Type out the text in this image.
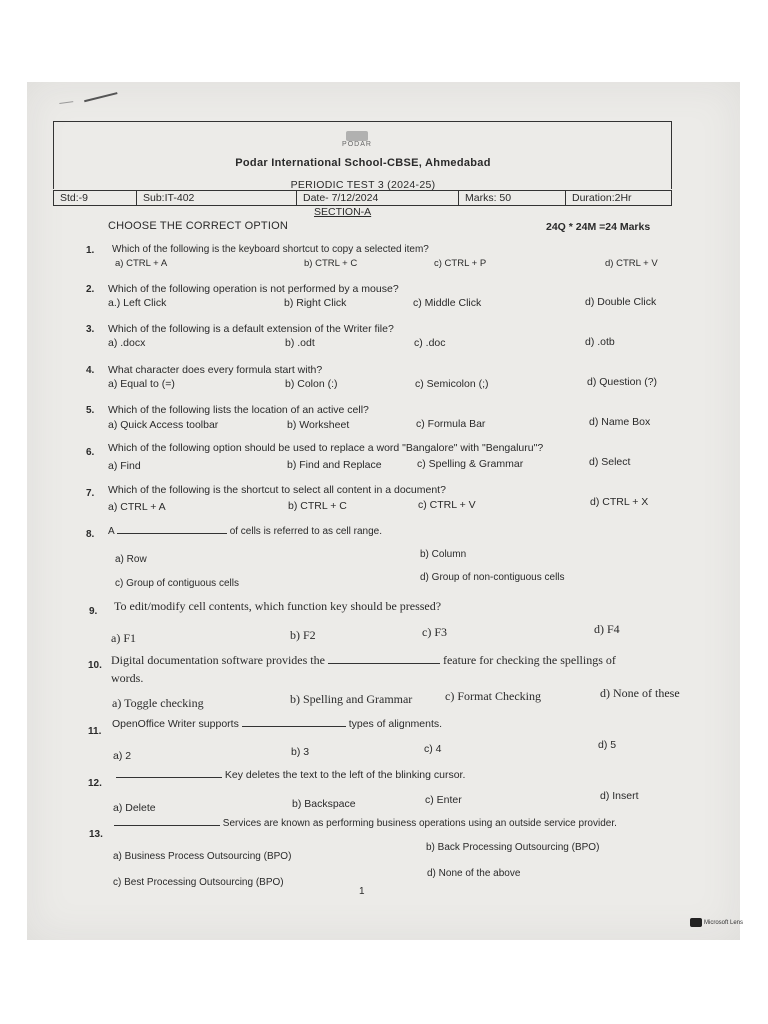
PODAR
Podar International School-CBSE, Ahmedabad
PERIODIC TEST 3 (2024-25)
Std:-9	Sub:IT-402	Date- 7/12/2024	Marks: 50	Duration:2Hr
SECTION-A
CHOOSE THE CORRECT OPTION	24Q * 24M =24 Marks
1. Which of the following is the keyboard shortcut to copy a selected item?
a) CTRL + A	b) CTRL + C	c) CTRL + P	d) CTRL + V
2. Which of the following operation is not performed by a mouse?
a.) Left Click	b) Right Click	c) Middle Click	d) Double Click
3. Which of the following is a default extension of the Writer file?
a) .docx	b) .odt	c) .doc	d) .otb
4. What character does every formula start with?
a) Equal to (=)	b) Colon (:)	c) Semicolon (;)	d) Question (?)
5. Which of the following lists the location of an active cell?
a) Quick Access toolbar	b) Worksheet	c) Formula Bar	d) Name Box
6. Which of the following option should be used to replace a word "Bangalore" with "Bengaluru"?
a) Find	b) Find and Replace	c) Spelling & Grammar	d) Select
7. Which of the following is the shortcut to select all content in a document?
a) CTRL + A	b) CTRL + C	c) CTRL + V	d) CTRL + X
8. A	of cells is referred to as cell range.
a) Row	b) Column
c) Group of contiguous cells
d) Group of non-contiguous cells
9. To edit/modify cell contents, which function key should be pressed?
a) F1	b) F2	c) F3	d) F4
10. Digital documentation software provides the	feature for checking the spellings of
words.
a) Toggle checking	b) Spelling and Grammar	c) Format Checking	d) None of these
11.
OpenOffice Writer supports	types of alignments.
a) 2	b) 3	c) 4	d) 5
12.
Key deletes the text to the left of the blinking cursor.
a) Delete	b) Backspace	c) Enter	d) Insert
13.
Services are known as performing business operations using an outside service provider.
a) Business Process Outsourcing (BPO)
b) Back Processing Outsourcing (BPO)
c) Best Processing Outsourcing (BPO)
d) None of the above
1
Microsoft Lens
